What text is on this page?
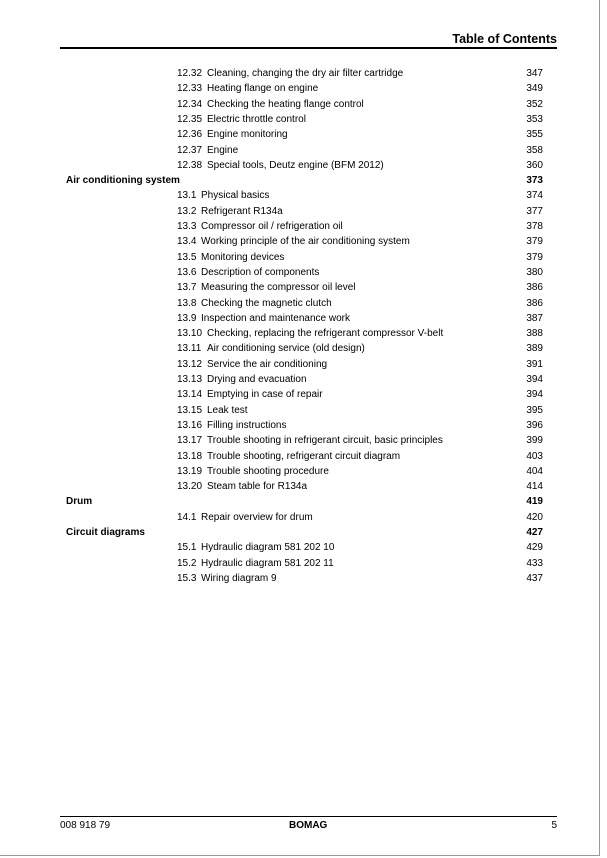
Table of Contents
12.32 Cleaning, changing the dry air filter cartridge	347
12.33 Heating flange on engine	349
12.34 Checking the heating flange control	352
12.35 Electric throttle control	353
12.36 Engine monitoring	355
12.37 Engine	358
12.38 Special tools, Deutz engine (BFM 2012)	360
Air conditioning system	373
13.1 Physical basics	374
13.2 Refrigerant R134a	377
13.3 Compressor oil / refrigeration oil	378
13.4 Working principle of the air conditioning system	379
13.5 Monitoring devices	379
13.6 Description of components	380
13.7 Measuring the compressor oil level	386
13.8 Checking the magnetic clutch	386
13.9 Inspection and maintenance work	387
13.10 Checking, replacing the refrigerant compressor V-belt	388
13.11 Air conditioning service (old design)	389
13.12 Service the air conditioning	391
13.13 Drying and evacuation	394
13.14 Emptying in case of repair	394
13.15 Leak test	395
13.16 Filling instructions	396
13.17 Trouble shooting in refrigerant circuit, basic principles	399
13.18 Trouble shooting, refrigerant circuit diagram	403
13.19 Trouble shooting procedure	404
13.20 Steam table for R134a	414
Drum	419
14.1 Repair overview for drum	420
Circuit diagrams	427
15.1 Hydraulic diagram 581 202 10	429
15.2 Hydraulic diagram 581 202 11	433
15.3 Wiring diagram 9	437
008 918 79	BOMAG	5
